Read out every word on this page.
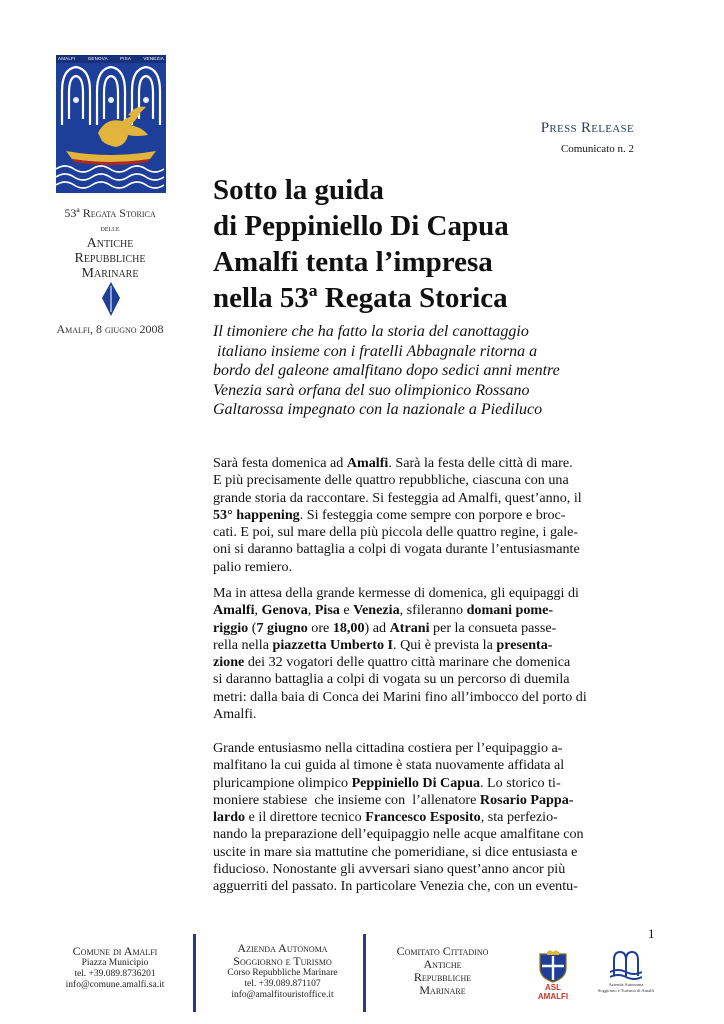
AMALFI	GENOVA	PISA	VENEZIA
53ª Regata Storica
delle
Antiche
Repubbliche
Marinare
Amalfi, 8 giugno 2008
Press Release
Comunicato n. 2
Sotto la guida
di Peppiniello Di Capua
Amalfi tenta l’impresa
nella 53ª Regata Storica

Il timoniere che ha fatto la storia del canottaggio
italiano insieme con i fratelli Abbagnale ritorna a
bordo del galeone amalfitano dopo sedici anni mentre
Venezia sarà orfana del suo olimpionico Rossano
Galtarossa impegnato con la nazionale a Piediluco

Sarà festa domenica ad Amalfi. Sarà la festa delle città di mare.
E più precisamente delle quattro repubbliche, ciascuna con una
grande storia da raccontare. Si festeggia ad Amalfi, quest’anno, il
53° happening. Si festeggia come sempre con porpore e broc-
cati. E poi, sul mare della più piccola delle quattro regine, i gale-
oni si daranno battaglia a colpi di vogata durante l’entusiasmante
palio remiero.
Ma in attesa della grande kermesse di domenica, gli equipaggi di
Amalfi, Genova, Pisa e Venezia, sfileranno domani pome-
riggio (7 giugno ore 18,00) ad Atrani per la consueta passe-
rella nella piazzetta Umberto I. Qui è prevista la presenta-
zione dei 32 vogatori delle quattro città marinare che domenica
si daranno battaglia a colpi di vogata su un percorso di duemila
metri: dalla baia di Conca dei Marini fino all’imbocco del porto di
Amalfi.
Grande entusiasmo nella cittadina costiera per l’equipaggio a-
malfitano la cui guida al timone è stata nuovamente affidata al
pluricampione olimpico Peppiniello Di Capua. Lo storico ti-
moniere stabiese  che insieme con  l’allenatore Rosario Pappa-
lardo e il direttore tecnico Francesco Esposito, sta perfezio-
nando la preparazione dell’equipaggio nelle acque amalfitane con
uscite in mare sia mattutine che pomeridiane, si dice entusiasta e
fiducioso. Nonostante gli avversari siano quest’anno ancor più
agguerriti del passato. In particolare Venezia che, con un eventu-
1
Comune di Amalfi
Piazza Municipio
tel. +39.089.8736201
info@comune.amalfi.sa.it
Azienda Autonoma
Soggiorno e Turismo
Corso Repubbliche Marinare
tel. +39.089.871107
info@amalfitouristoffice.it
Comitato Cittadino
Antiche
Repubbliche
Marinare	ASL AMALFI
Azienda Autonoma
Soggiorno e Turismo di Amalfi
